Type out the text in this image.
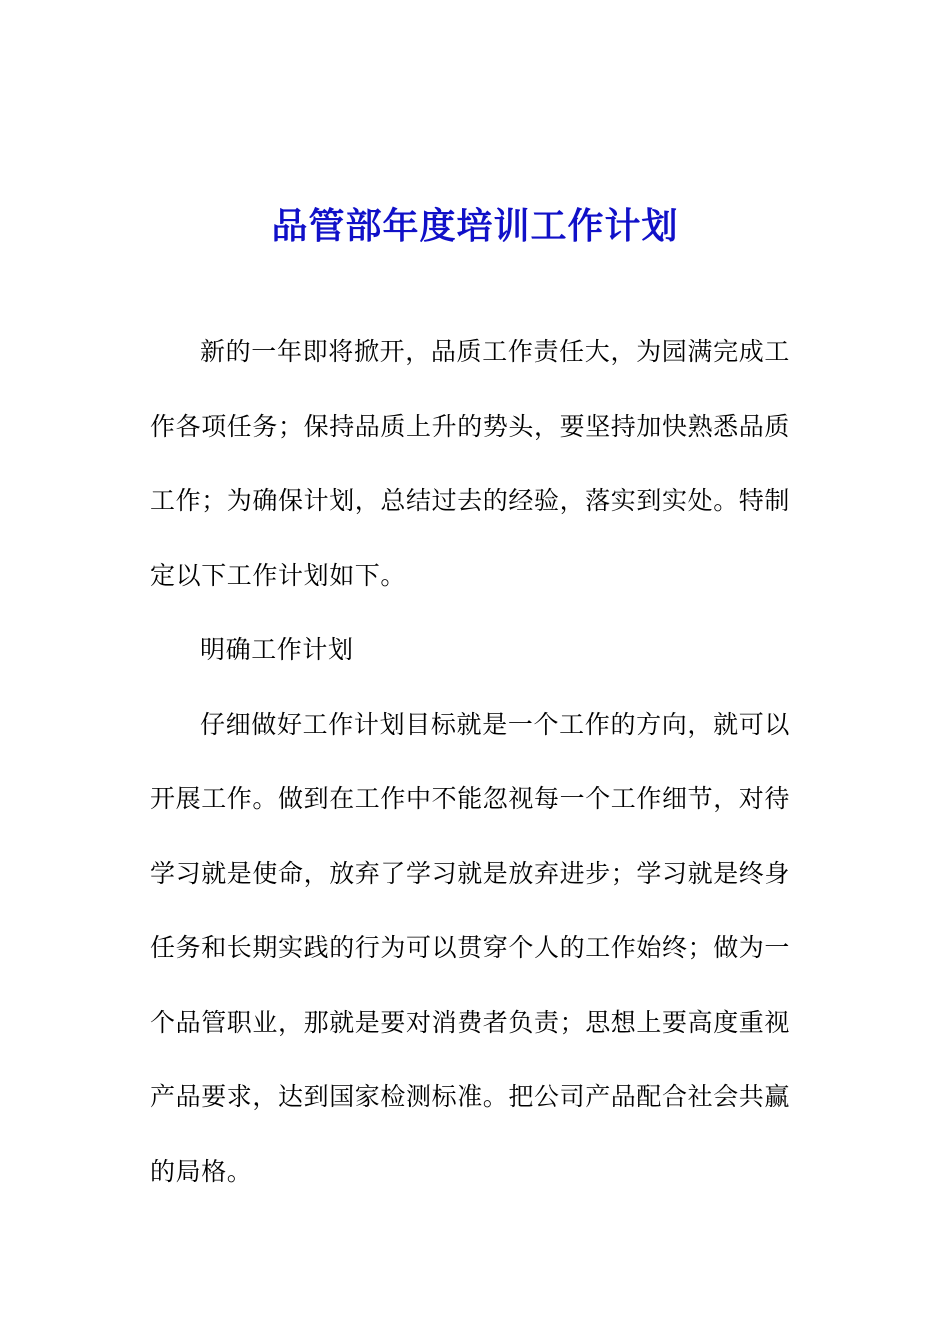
品管部年度培训工作计划

新的一年即将掀开，品质工作责任大，为园满完成工作各项任务；保持品质上升的势头，要坚持加快熟悉品质工作；为确保计划，总结过去的经验，落实到实处。特制定以下工作计划如下。

明确工作计划

仔细做好工作计划目标就是一个工作的方向，就可以开展工作。做到在工作中不能忽视每一个工作细节，对待学习就是使命，放弃了学习就是放弃进步；学习就是终身任务和长期实践的行为可以贯穿个人的工作始终；做为一个品管职业，那就是要对消费者负责；思想上要高度重视产品要求，达到国家检测标准。把公司产品配合社会共赢的局格。
